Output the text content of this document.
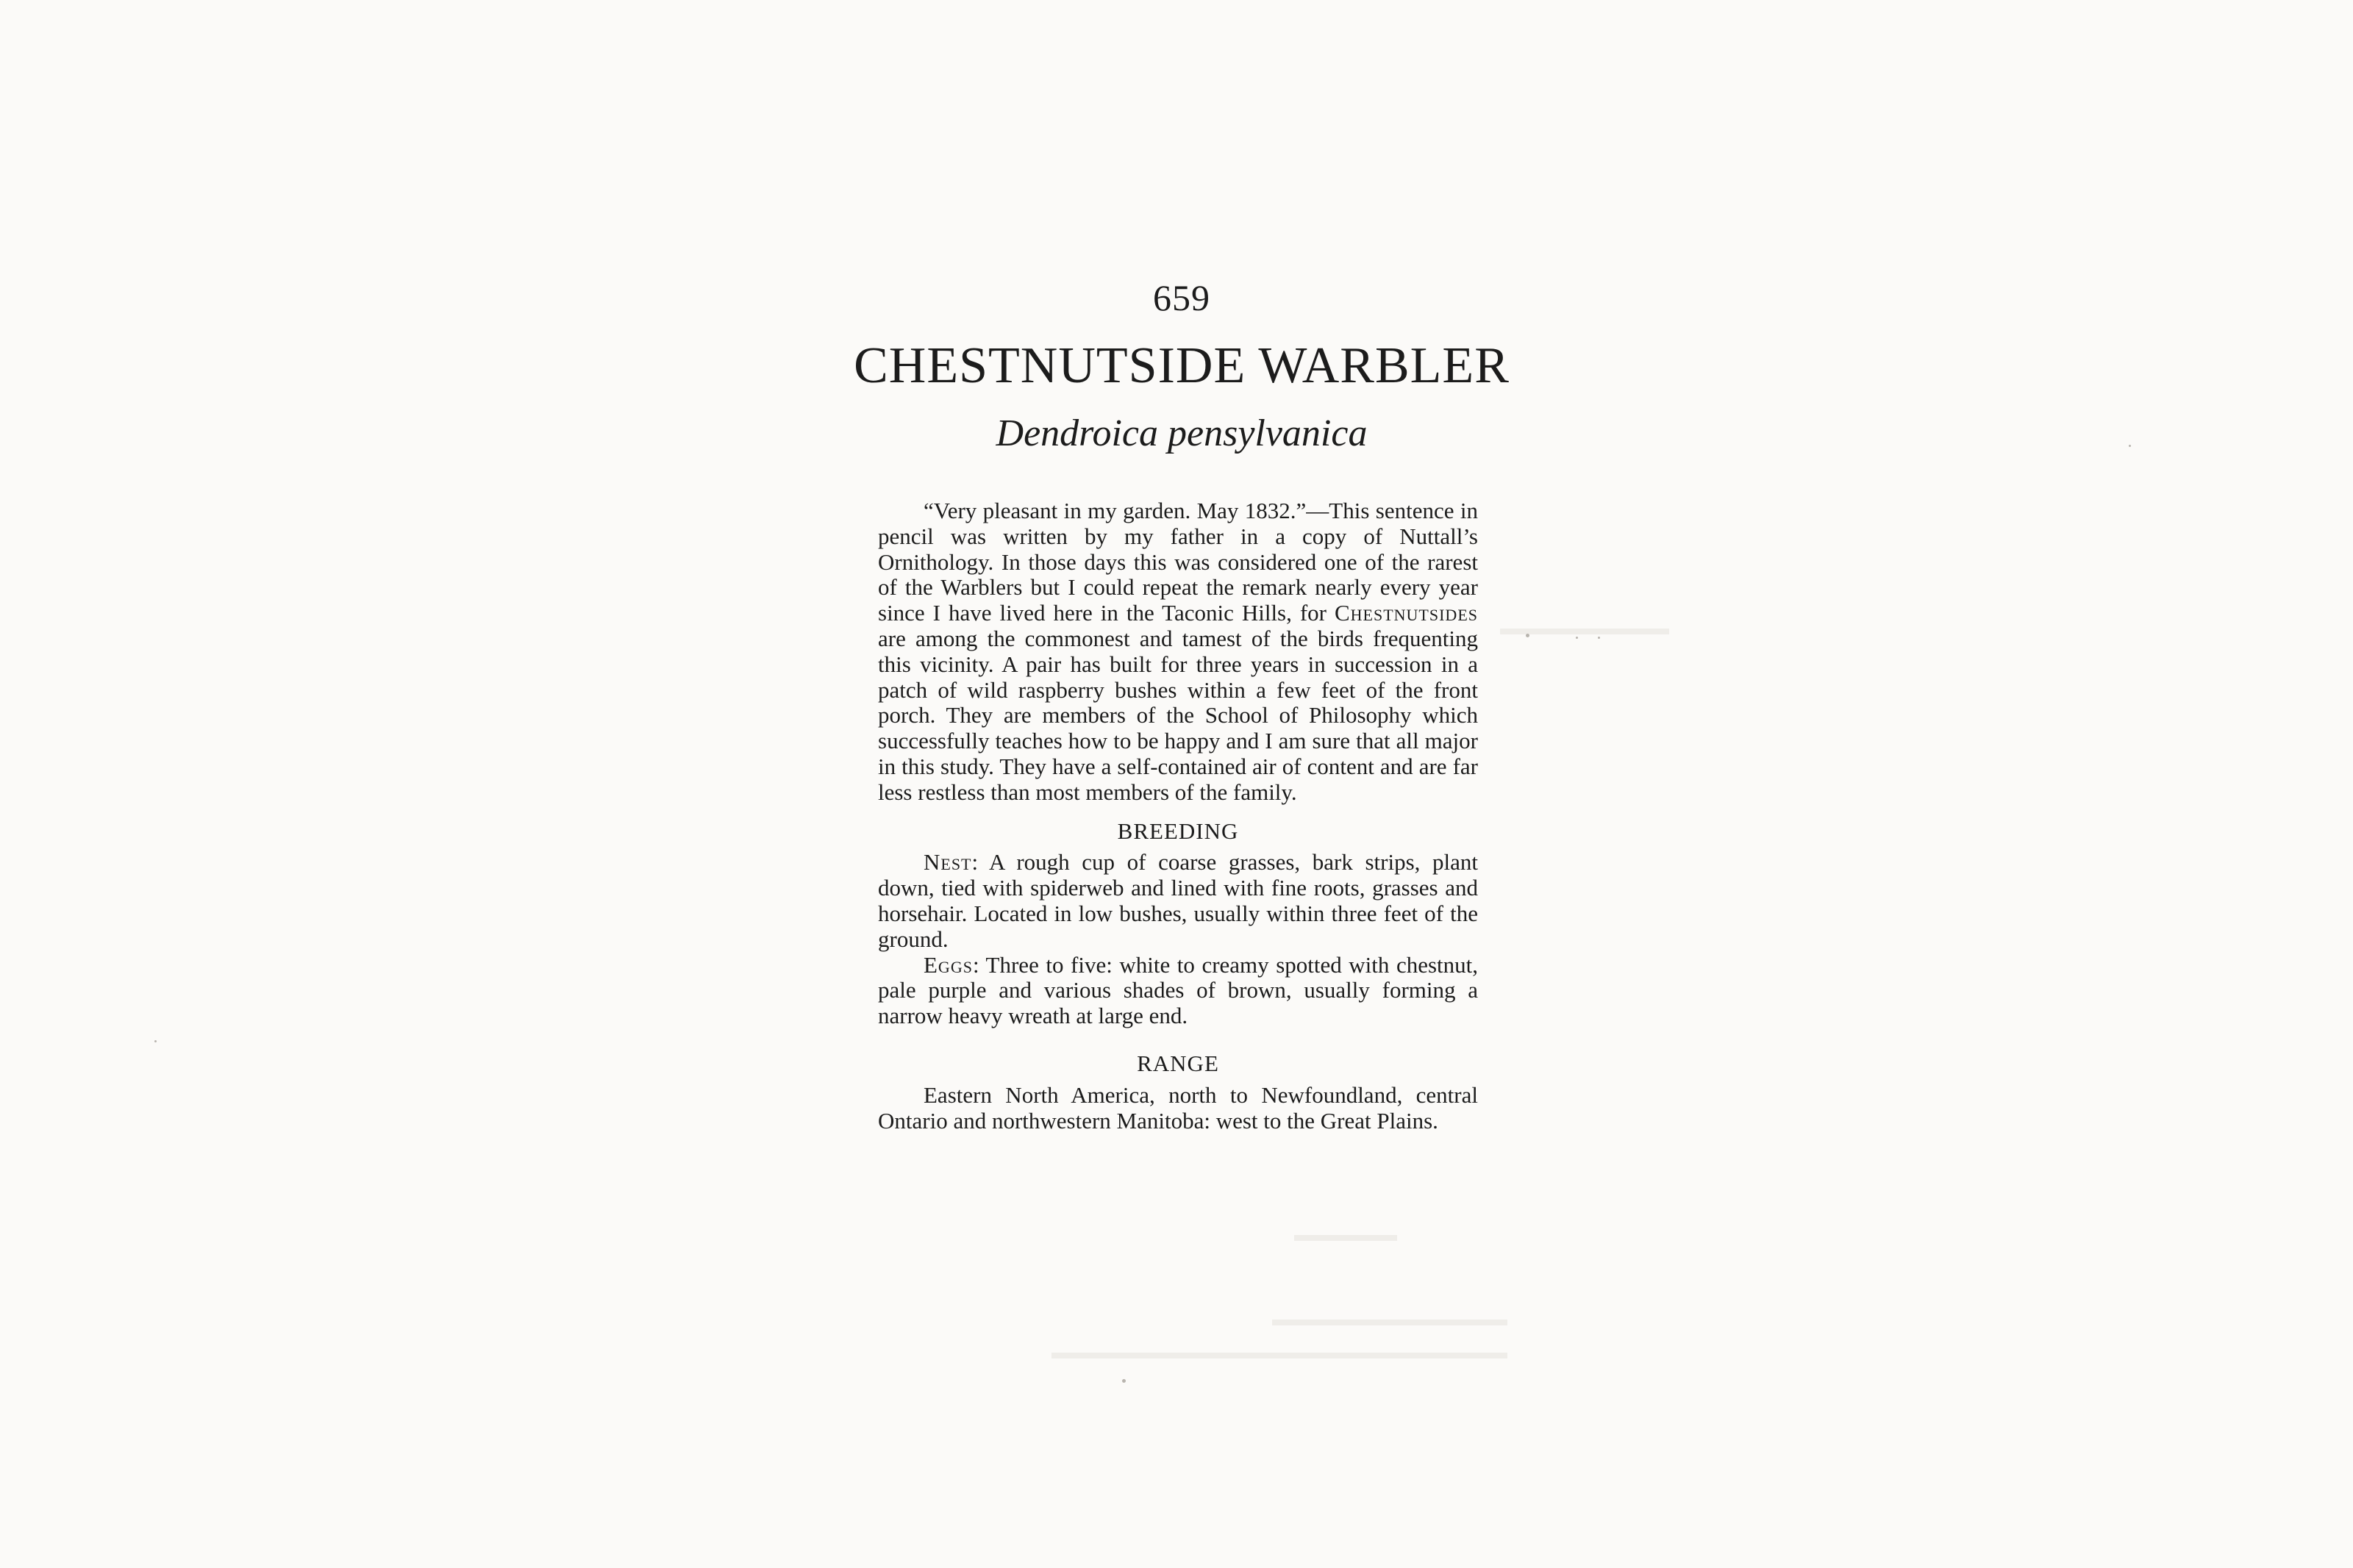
659
CHESTNUTSIDE WARBLER
Dendroica pensylvanica

“Very pleasant in my garden. May 1832.”—This sentence in pencil was written by my father in a copy of Nuttall’s Ornithology. In those days this was considered one of the rarest of the Warblers but I could repeat the remark nearly every year since I have lived here in the Taconic Hills, for Chestnutsides are among the commonest and tamest of the birds frequenting this vicinity. A pair has built for three years in succession in a patch of wild raspberry bushes within a few feet of the front porch. They are members of the School of Philosophy which successfully teaches how to be happy and I am sure that all major in this study. They have a self-contained air of content and are far less restless than most members of the family.

BREEDING

Nest: A rough cup of coarse grasses, bark strips, plant down, tied with spiderweb and lined with fine roots, grasses and horsehair. Located in low bushes, usually within three feet of the ground.

Eggs: Three to five: white to creamy spotted with chestnut, pale purple and various shades of brown, usually forming a narrow heavy wreath at large end.

RANGE

Eastern North America, north to Newfoundland, central Ontario and northwestern Manitoba: west to the Great Plains.
